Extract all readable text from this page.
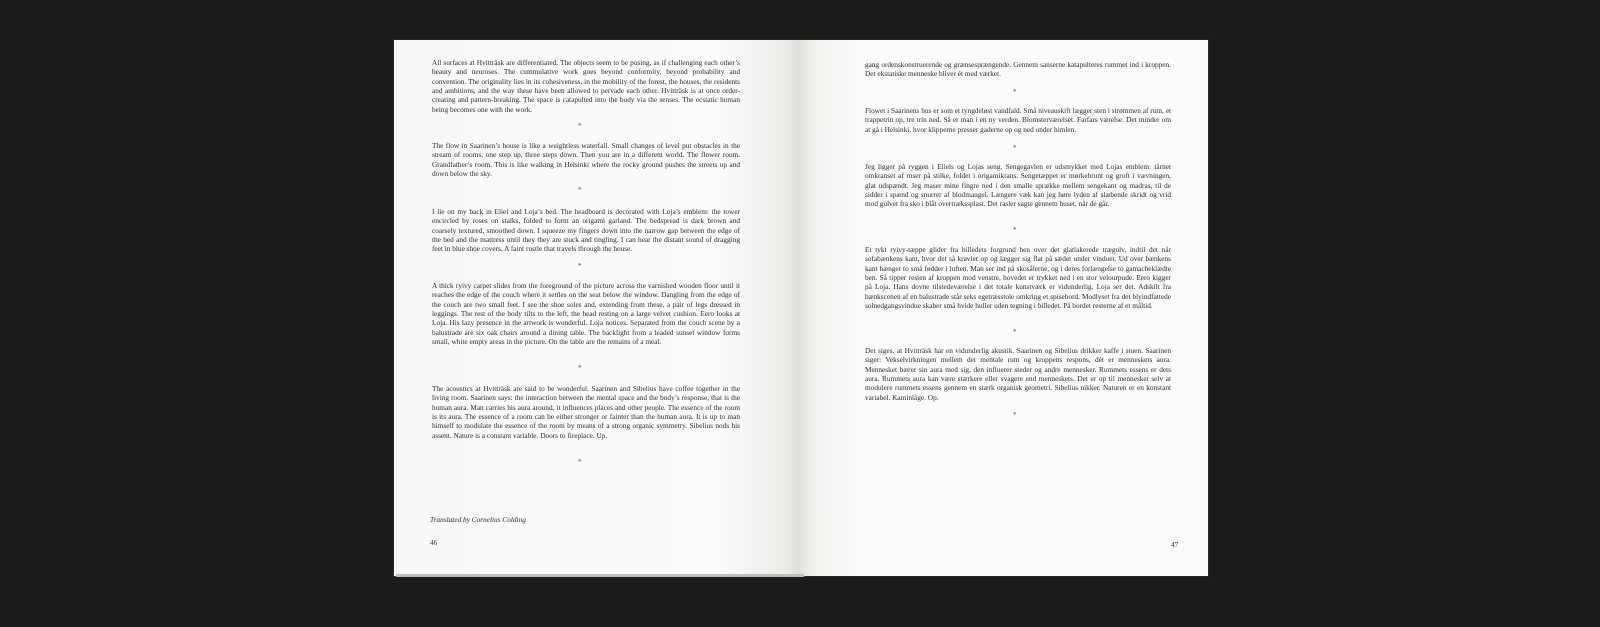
All surfaces at Hvitträsk are differentiated. The objects seem to be posing, as if challenging each other’s beauty and neuroses. The cummulative work goes beyond conformity, beyond probability and convention. The originality lies in its cohesiveness, in the mobility of the forest, the houses, the residents and ambitions, and the way these have been allowed to pervade each other. Hvitträsk is at once order-creating and pattern-breaking. The space is catapulted into the body via the senses. The ecstatic human being becomes one with the work.
*
The flow in Saarinen’s house is like a weightless waterfall. Small changes of level put obstacles in the stream of rooms, one step up, three steps down. Then you are in a different world. The flower room. Grandfather’s room. This is like walking in Helsinki where the rocky ground pushes the streets up and down below the sky.
*
I lie on my back in Eliel and Loja’s bed. The headboard is decorated with Loja’s emblem: the tower encircled by roses on stalks, folded to form an origami garland. The bedspread is dark brown and coarsely textured, smoothed down. I squeeze my fingers down into the narrow gap between the edge of the bed and the mattress until they they are stuck and tingling. I can hear the distant sound of dragging feet in blue shoe covers. A faint rustle that travels through the house.
*
A thick ryivy carpet slides from the foreground of the picture across the varnished wooden floor until it reaches the edge of the couch where it settles on the seat below the window. Dangling from the edge of the couch are two small feet. I see the shoe soles and, extending from these, a pair of legs dressed in leggings. The rest of the body tilts to the left, the head resting on a large velvet cushion. Eero looks at Loja. His lazy presence in the artwork is wonderful. Loja notices. Separated from the couch scene by a balustrade are six oak chairs around a dining table. The backlight from a leaded sunset window forms small, white empty areas in the picture. On the table are the remains of a meal.
*
The acoustics at Hvitträsk are said to be wonderful. Saarinen and Sibelius have coffee together in the living room. Saarinen says: the interaction between the mental space and the body’s response, that is the human aura. Man carries his aura around, it influences places and other people. The essence of the room is its aura. The essence of a room can be either stronger or fainter than the human aura. It is up to man himself to modulate the essence of the room by means of a strong organic symmetry. Sibelius nods his assent. Nature is a constant variable. Doors to fireplace. Up.
*
Translated by Cornelius Colding
46
gang ordenskonstruerende og grænsesprængende. Gennem sanserne katapulteres rummet ind i kroppen. Det ekstatiske menneske bliver ét med værket.
*
Flowet i Saarinens hus er som et tyngdeløst vandfald. Små niveauskift lægger sten i strømmen af rum, et trappetrin op, tre trin ned. Så er man i en ny verden. Blomsterværelset. Farfars værelse. Det minder om at gå i Helsinki, hvor klipperne presser gaderne op og ned under himlen.
*
Jeg ligger på ryggen i Eliels og Lojas seng. Sengegavlen er udsmykket med Lojas emblem: tårnet omkranset af roser på stilke, foldet i origamikrans. Sengetæppet er mørkebrunt og groft i vævningen, glat udspændt. Jeg maser mine fingre ned i den smalle sprække mellem sengekant og madras, til de sidder i spænd og snurrer af blodmangel. Længere væk kan jeg høre lyden af slæbende skridt og vrid mod gulvet fra sko i blåt overtrækssplast. Det rasler sagte gennem huset, når de går.
*
Et tykt ryivy-tæppe glider fra billedets forgrund hen over det glatlakerede trægulv, indtil det når sofabænkens kant, hvor det så kravler op og lægger sig flat på sædet under vinduet. Ud over bænkens kant hænger to små fødder i luften. Man ser ind på skosålerne, og i deres forlængelse to gamacheklædte ben. Så tipper resten af kroppen mod venstre, hovedet er trykket ned i en stor velourpude. Eero kigger på Loja. Hans dovne tilstedeværelse i det totale kunstværk er vidunderlig. Loja ser det. Adskilt fra bænkscenen af en balustrade står seks egetræsstole omkring et spisebord. Modlyset fra det blyindfattede solnedgangsvindue skaber små hvide huller uden tegning i billedet. På bordet resterne af et måltid.
*
Det siges, at Hvitträsk har en vidunderlig akustik. Saarinen og Sibelius drikker kaffe i stuen. Saarinen siger: Vekselvirkningen mellem det mentale rum og kroppens respons, dét er menneskets aura. Mennesket bærer sin aura med sig, den influerer steder og andre mennesker. Rummets essens er dets aura. Rummets aura kan være stærkere eller svagere end menneskets. Det er op til mennesket selv at modulere rummets essens gennem en stærk organisk geometri. Sibelius nikker. Naturen er en konstant variabel. Kaminlåge. Op.
*
47
